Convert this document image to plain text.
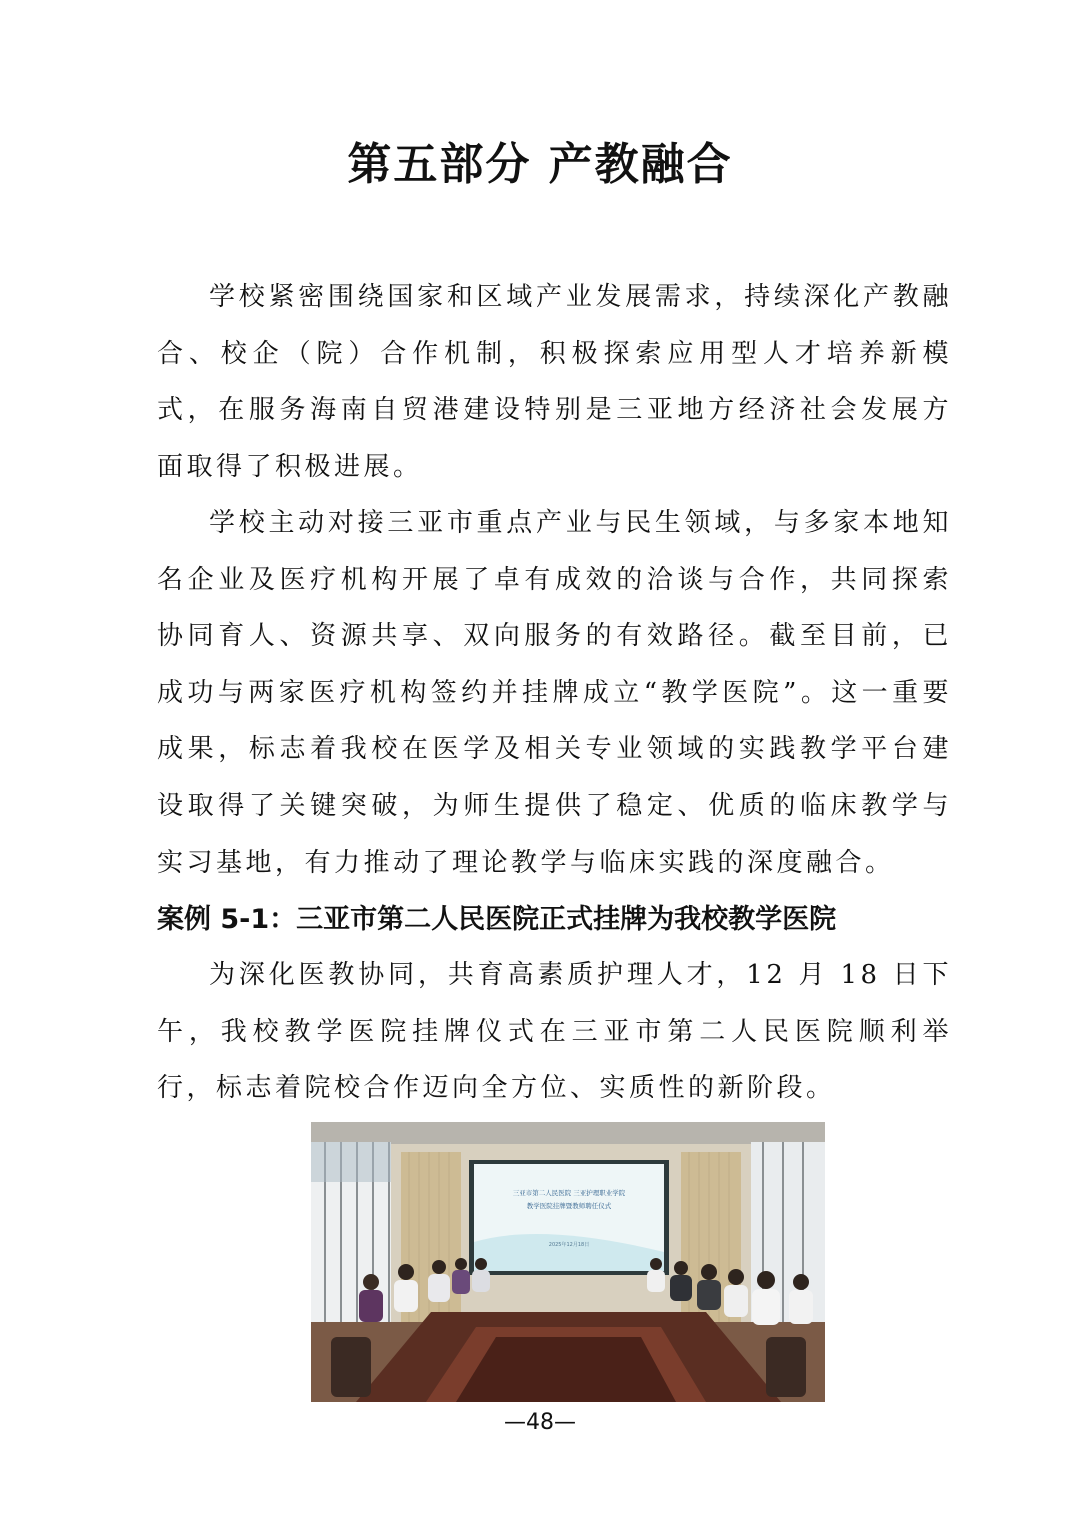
第五部分 产教融合

学校紧密围绕国家和区域产业发展需求，持续深化产教融合、校企（院）合作机制，积极探索应用型人才培养新模式，在服务海南自贸港建设特别是三亚地方经济社会发展方面取得了积极进展。

学校主动对接三亚市重点产业与民生领域，与多家本地知名企业及医疗机构开展了卓有成效的洽谈与合作，共同探索协同育人、资源共享、双向服务的有效路径。截至目前，已成功与两家医疗机构签约并挂牌成立“教学医院”。这一重要成果，标志着我校在医学及相关专业领域的实践教学平台建设取得了关键突破，为师生提供了稳定、优质的临床教学与实习基地，有力推动了理论教学与临床实践的深度融合。

案例 5-1：三亚市第二人民医院正式挂牌为我校教学医院

为深化医教协同，共育高素质护理人才，12 月 18 日下午，我校教学医院挂牌仪式在三亚市第二人民医院顺利举行，标志着院校合作迈向全方位、实质性的新阶段。

三亚市第二人民医院 三亚护理职业学院
教学医院挂牌暨教师聘任仪式
2025年12月18日
—48—
